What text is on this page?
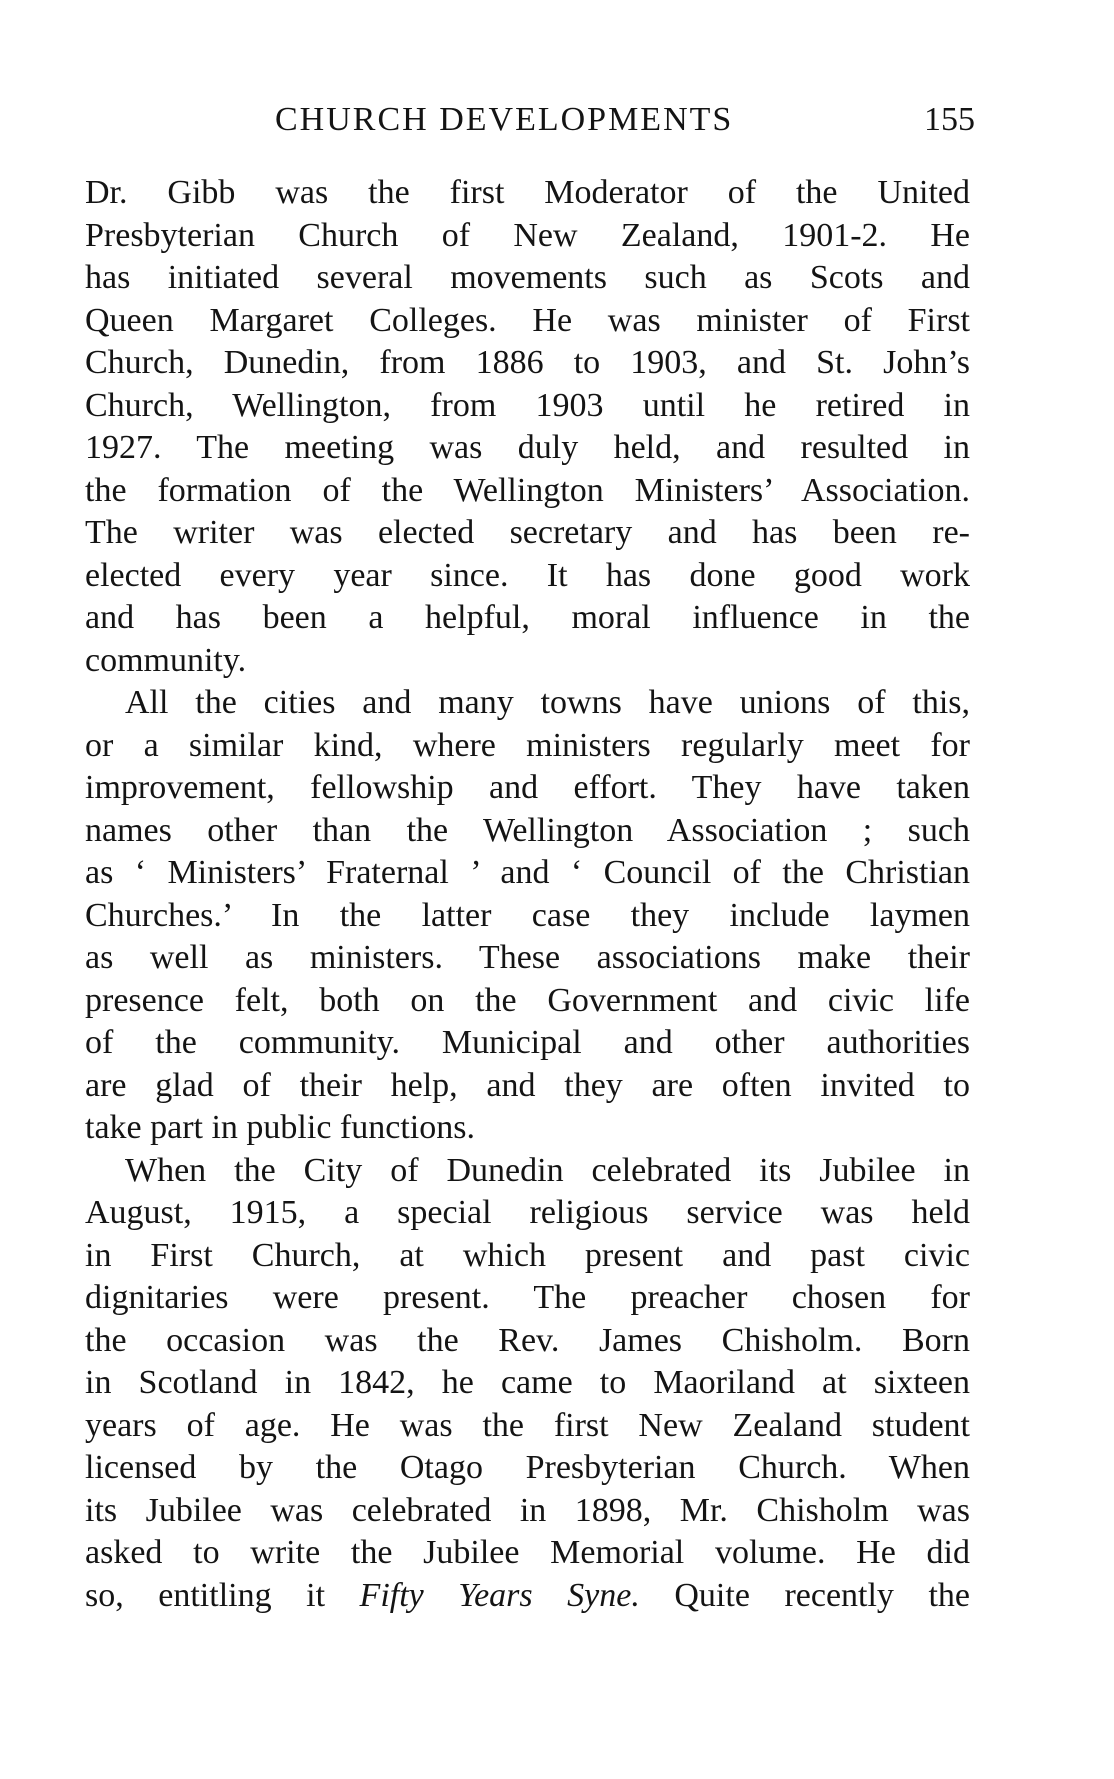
CHURCH DEVELOPMENTS	155
Dr. Gibb was the first Moderator of the United
Presbyterian Church of New Zealand, 1901-2. He
has initiated several movements such as Scots and
Queen Margaret Colleges. He was minister of First
Church, Dunedin, from 1886 to 1903, and St. John’s
Church, Wellington, from 1903 until he retired in
1927. The meeting was duly held, and resulted in
the formation of the Wellington Ministers’ Association.
The writer was elected secretary and has been re-
elected every year since. It has done good work
and has been a helpful, moral influence in the
community.
All the cities and many towns have unions of this,
or a similar kind, where ministers regularly meet for
improvement, fellowship and effort. They have taken
names other than the Wellington Association ; such
as ‘ Ministers’ Fraternal ’ and ‘ Council of the Christian
Churches.’ In the latter case they include laymen
as well as ministers. These associations make their
presence felt, both on the Government and civic life
of the community. Municipal and other authorities
are glad of their help, and they are often invited to
take part in public functions.
When the City of Dunedin celebrated its Jubilee in
August, 1915, a special religious service was held
in First Church, at which present and past civic
dignitaries were present. The preacher chosen for
the occasion was the Rev. James Chisholm. Born
in Scotland in 1842, he came to Maoriland at sixteen
years of age. He was the first New Zealand student
licensed by the Otago Presbyterian Church. When
its Jubilee was celebrated in 1898, Mr. Chisholm was
asked to write the Jubilee Memorial volume. He did
so, entitling it Fifty Years Syne. Quite recently the
